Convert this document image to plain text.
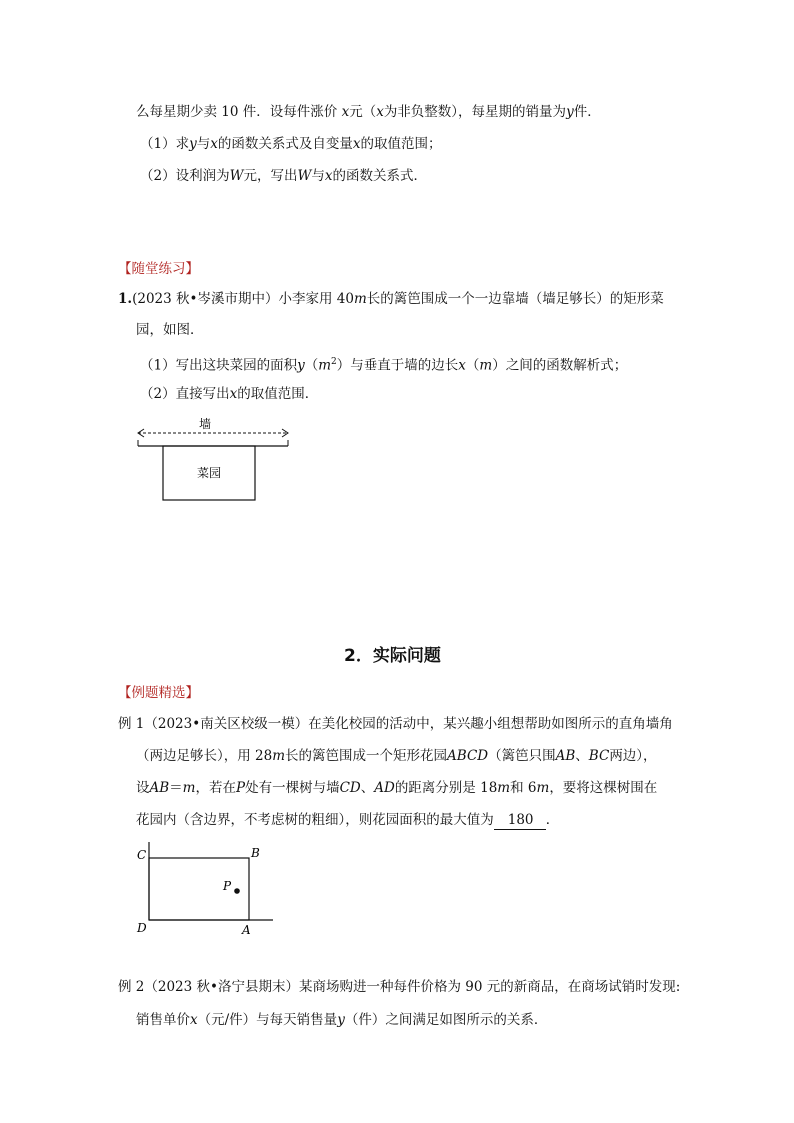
么每星期少卖 10 件．设每件涨价 x元（x为非负整数），每星期的销量为y件．
（1）求y与x的函数关系式及自变量x的取值范围；
（2）设利润为W元，写出W与x的函数关系式．
【随堂练习】
1.(2023 秋•岑溪市期中）小李家用 40m长的篱笆围成一个一边靠墙（墙足够长）的矩形菜
园，如图．
（1）写出这块菜园的面积$y(m^2)$与垂直于墙的边长x（m）之间的函数解析式；
（2）直接写出x的取值范围．
墙
菜园
2．实际问题
【例题精选】
例 1（2023•南关区校级一模）在美化校园的活动中，某兴趣小组想帮助如图所示的直角墙角
（两边足够长），用 28m长的篱笆围成一个矩形花园ABCD（篱笆只围AB、BC两边），
设AB＝m，若在P处有一棵树与墙CD、AD的距离分别是 18m和 6m，要将这棵树围在
花园内（含边界，不考虑树的粗细），则花园面积的最大值为 180 ．
C	B
P
D	A
例 2（2023 秋•洛宁县期末）某商场购进一种每件价格为 90 元的新商品，在商场试销时发现:
销售单价x（元/件）与每天销售量y（件）之间满足如图所示的关系．
